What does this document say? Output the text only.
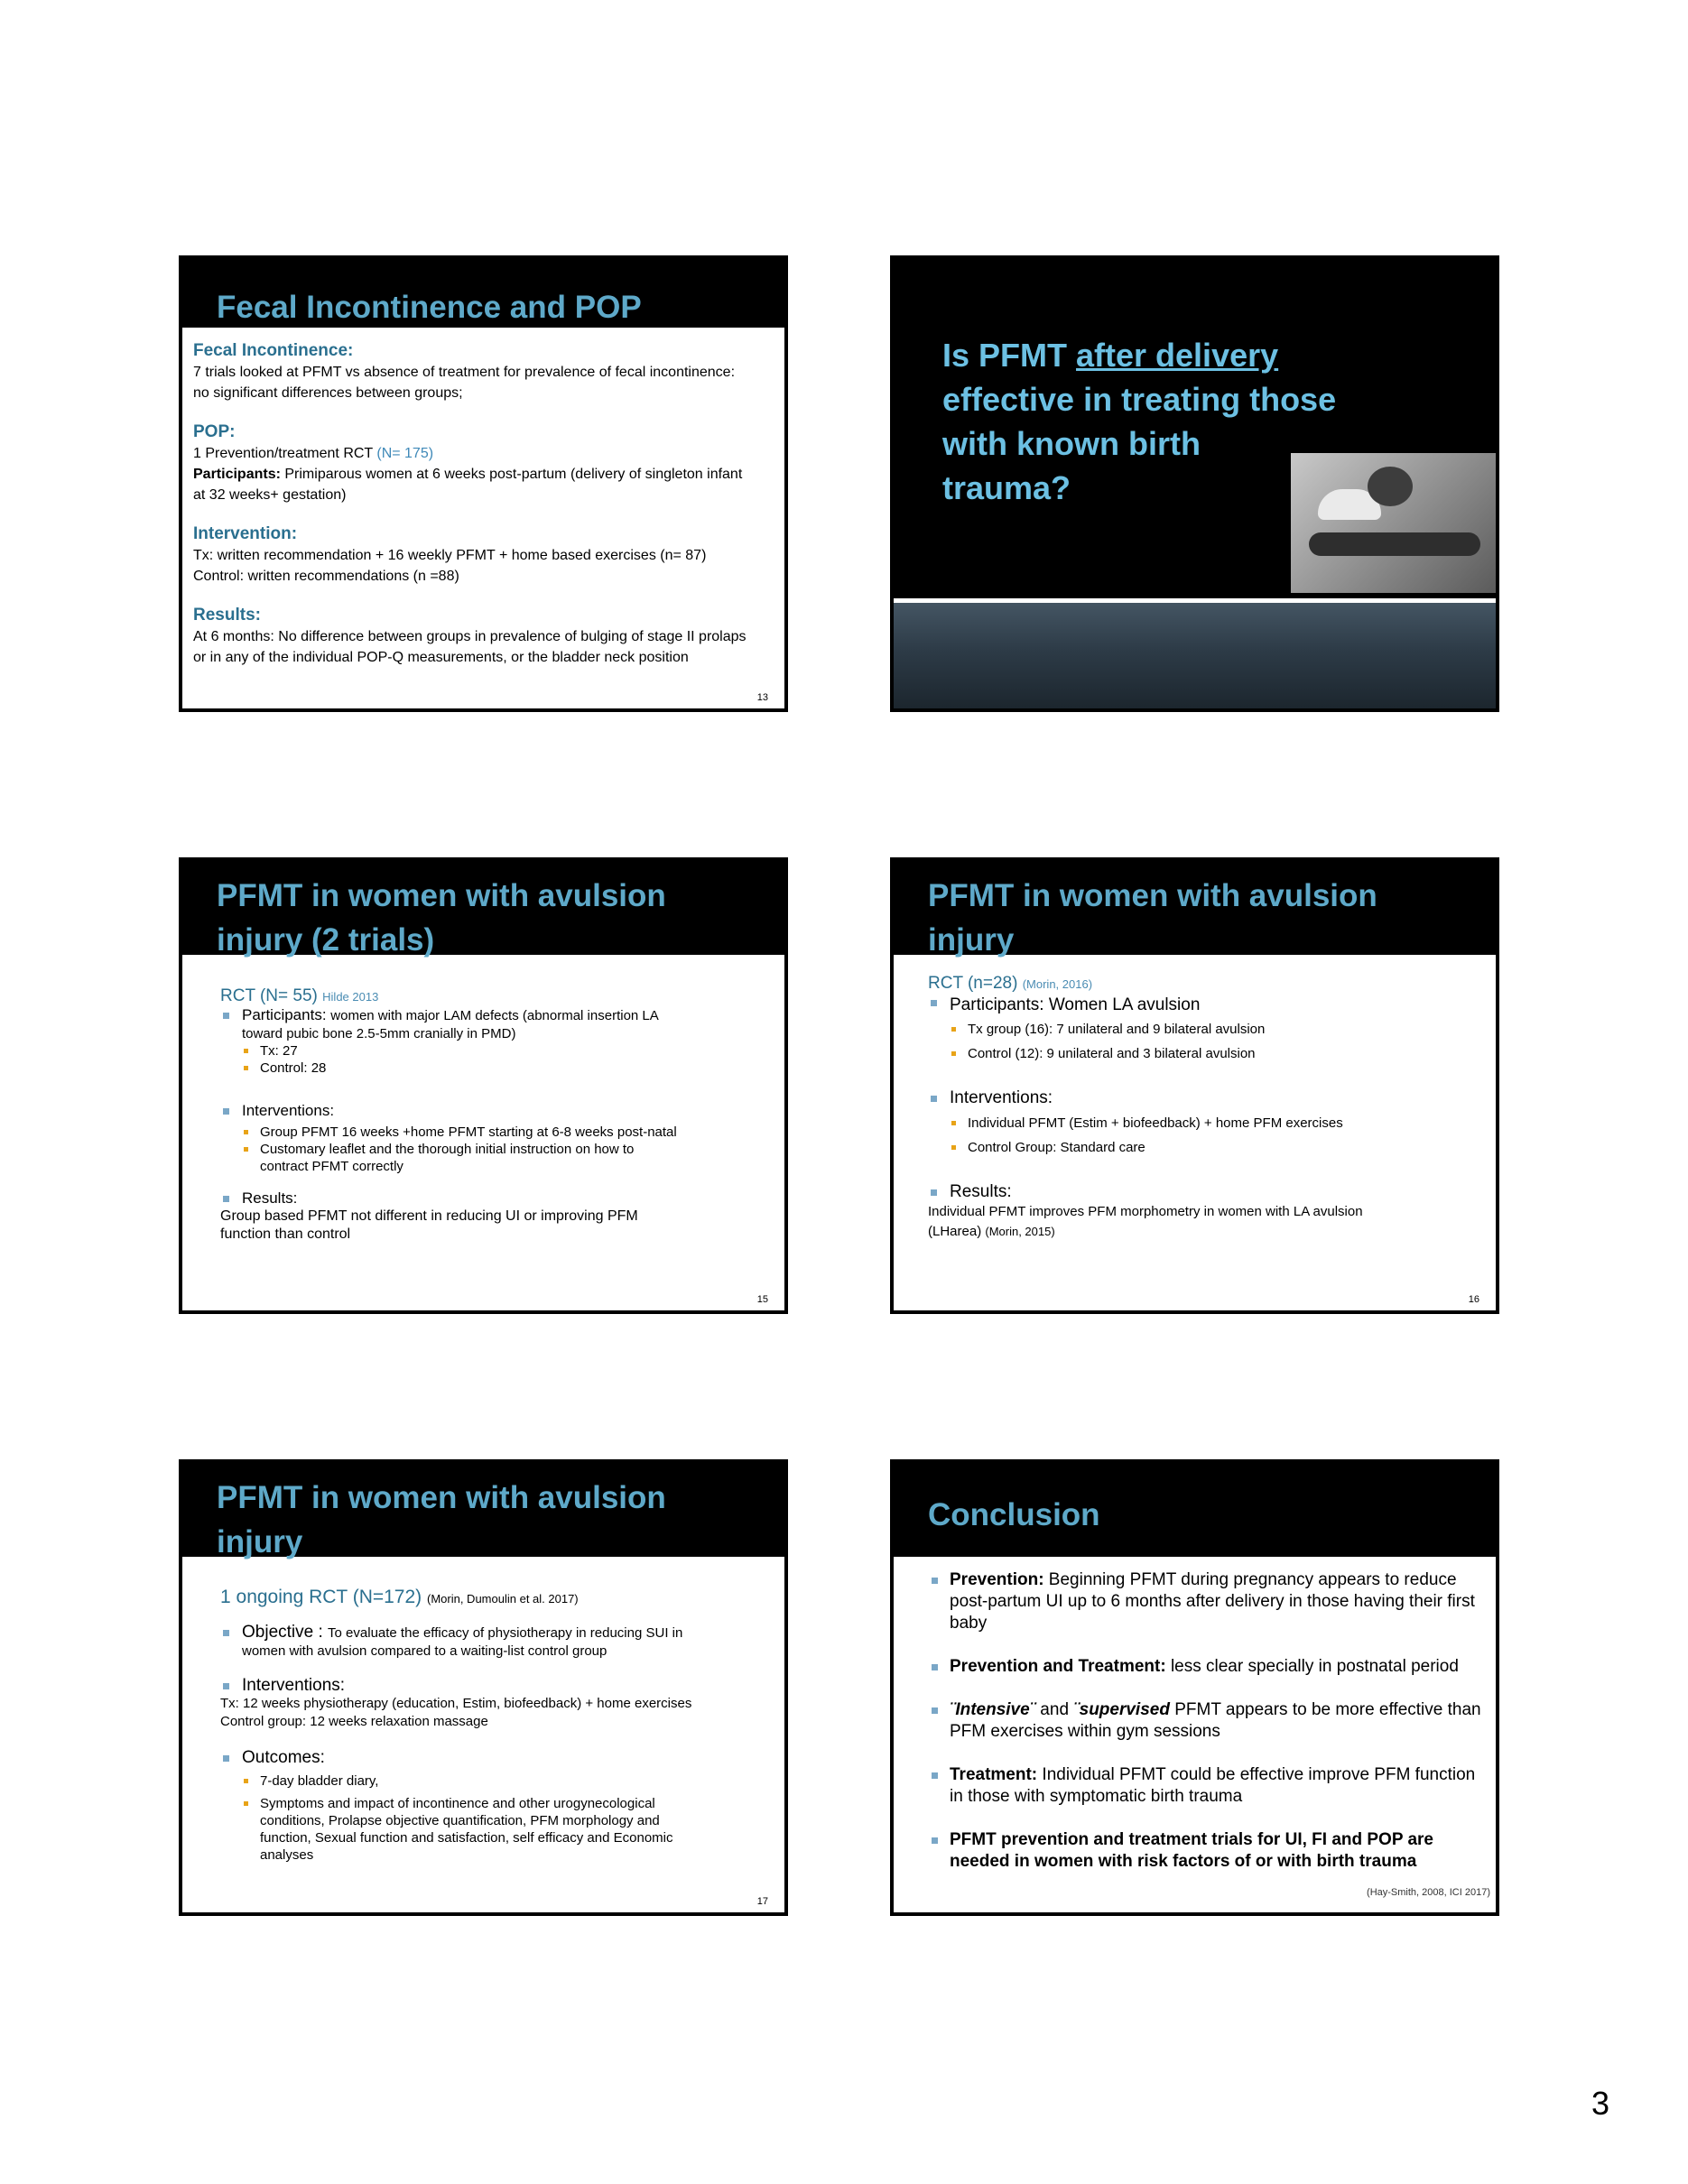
Fecal Incontinence and POP
Fecal Incontinence:
7 trials looked at PFMT vs absence of treatment for prevalence of fecal incontinence:
no significant differences between groups;
POP:
1 Prevention/treatment RCT (N= 175)
Participants: Primiparous women at 6 weeks post-partum (delivery of singleton infant
at 32 weeks+ gestation)
Intervention:
Tx: written recommendation + 16 weekly PFMT + home based exercises (n= 87)
Control: written recommendations (n =88)
Results:
At 6 months: No difference between groups in prevalence of bulging of stage II prolaps
or in any of the individual POP-Q measurements, or the bladder neck position
13
Is PFMT after delivery
effective in treating those
with known birth
trauma?
PFMT in women with avulsion
injury (2 trials)
RCT (N= 55) Hilde 2013
Participants: women with major LAM defects (abnormal insertion LA
toward pubic bone 2.5-5mm cranially in PMD)
Tx: 27
Control: 28
Interventions:
Group PFMT 16 weeks +home PFMT starting at 6-8 weeks post-natal
Customary leaflet and the thorough initial instruction on how to
contract PFMT correctly
Results:
Group based PFMT not different in reducing UI or improving PFM
function than control
15
PFMT in women with avulsion
injury
RCT (n=28) (Morin, 2016)
Participants: Women LA avulsion
Tx group (16): 7 unilateral and 9 bilateral avulsion
Control (12): 9 unilateral and 3 bilateral avulsion
Interventions:
Individual PFMT (Estim + biofeedback) + home PFM exercises
Control Group: Standard care
Results:
Individual PFMT improves PFM morphometry in women with LA avulsion
(LHarea) (Morin, 2015)
16
PFMT in women with avulsion
injury
1 ongoing RCT (N=172) (Morin, Dumoulin et al. 2017)
Objective : To evaluate the efficacy of physiotherapy in reducing SUI in
women with avulsion compared to a waiting-list control group
Interventions:
Tx: 12 weeks physiotherapy (education, Estim, biofeedback) + home exercises
Control group: 12 weeks relaxation massage
Outcomes:
7-day bladder diary,
Symptoms and impact of incontinence and other urogynecological
conditions, Prolapse objective quantification, PFM morphology and
function, Sexual function and satisfaction, self efficacy and Economic
analyses
17
Conclusion
Prevention: Beginning PFMT during pregnancy appears to reduce post-partum UI up to 6 months after delivery in those having their first baby
Prevention and Treatment: less clear specially in postnatal period
¨Intensive¨ and ¨supervised PFMT appears to be more effective than PFM exercises within gym sessions
Treatment: Individual PFMT could be effective improve PFM function in those with symptomatic birth trauma
PFMT prevention and treatment trials for UI, FI and POP are needed in women with risk factors of or with birth trauma
(Hay-Smith, 2008, ICI 2017)
3
